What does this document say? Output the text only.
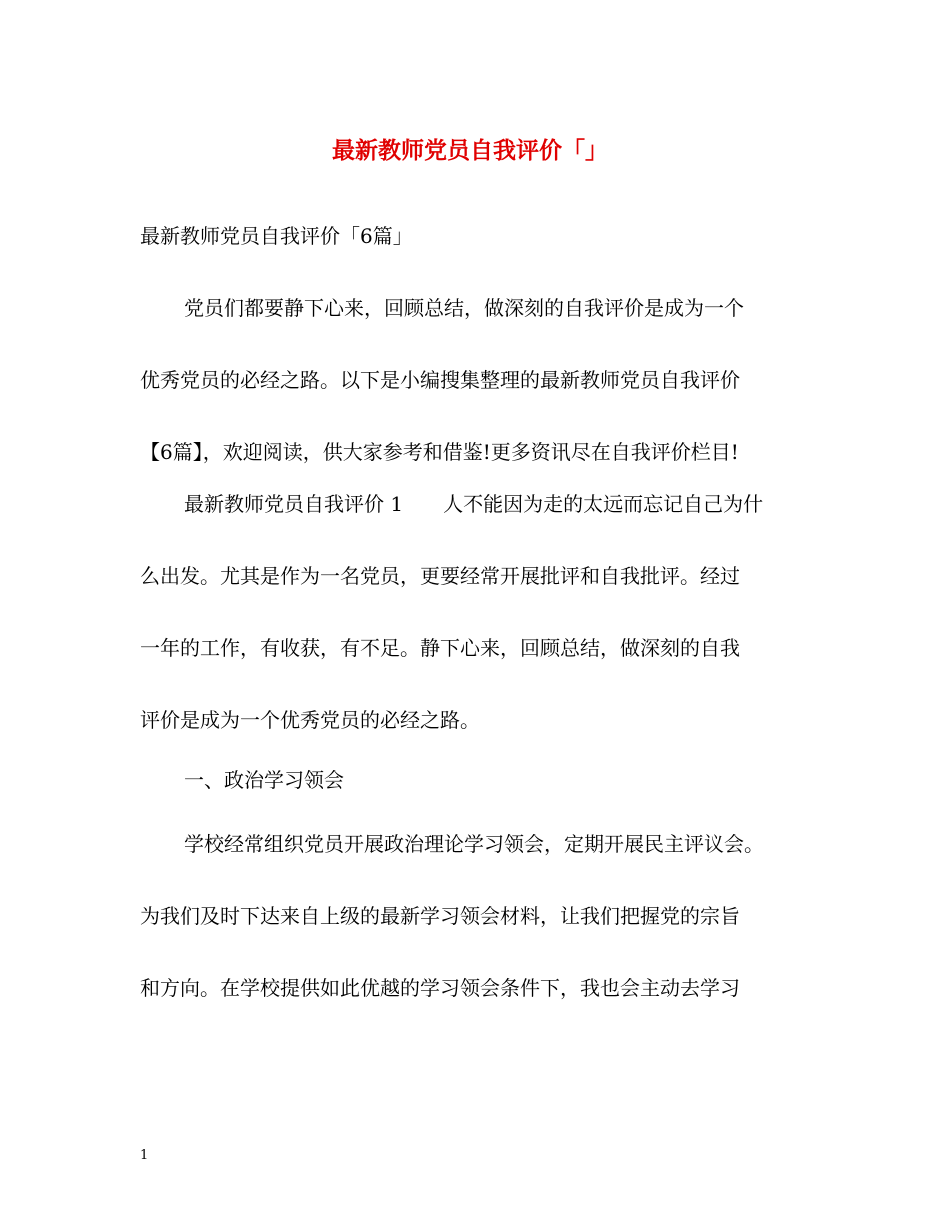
最新教师党员自我评价「」
最新教师党员自我评价「6篇」
党员们都要静下心来，回顾总结，做深刻的自我评价是成为一个
优秀党员的必经之路。以下是小编搜集整理的最新教师党员自我评价
【6篇】，欢迎阅读，供大家参考和借鉴!更多资讯尽在自我评价栏目!
最新教师党员自我评价 1 人不能因为走的太远而忘记自己为什
么出发。尤其是作为一名党员，更要经常开展批评和自我批评。经过
一年的工作，有收获，有不足。静下心来，回顾总结，做深刻的自我
评价是成为一个优秀党员的必经之路。
一、政治学习领会
学校经常组织党员开展政治理论学习领会，定期开展民主评议会。
为我们及时下达来自上级的最新学习领会材料，让我们把握党的宗旨
和方向。在学校提供如此优越的学习领会条件下，我也会主动去学习
1
